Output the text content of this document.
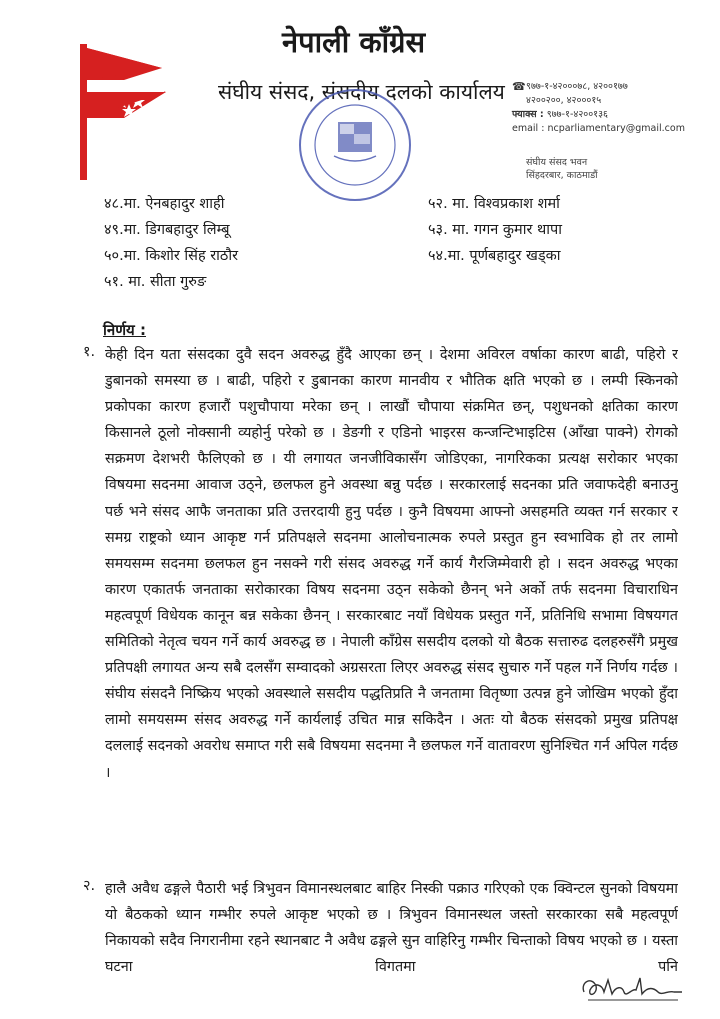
नेपाली काँग्रेस
संघीय संसद, संसदीय दलको कार्यालय ☎ ९७७-१-४२०००७८, ४२००१७७
४२००२००, ४२०००१५
फ्याक्स :
९७७-१-४२००१३६
email :
ncparliamentary@gmail.com
संघीय संसद भवन
सिंहदरबार, काठमाडौं
४८.मा. ऐनबहादुर शाही
४९.मा. डिगबहादुर लिम्बू
५०.मा. किशोर सिंह राठौर
५१. मा. सीता गुरुङ
५२. मा. विश्वप्रकाश शर्मा
५३. मा. गगन कुमार थापा
५४.मा. पूर्णबहादुर खड्का
निर्णय :
१. केही दिन यता संसदका दुवै सदन अवरुद्ध हुँदै आएका छन् । देशमा अविरल वर्षाका कारण बाढी, पहिरो र डुबानको समस्या छ । बाढी, पहिरो र डुबानका कारण मानवीय र भौतिक क्षति भएको छ । लम्पी स्किनको प्रकोपका कारण हजारौं पशुचौपाया मरेका छन् । लाखौं चौपाया संक्रमित छन्, पशुधनको क्षतिका कारण किसानले ठूलो नोक्सानी व्यहोर्नु परेको छ । डेङगी र एडिनो भाइरस कन्जन्टिभाइटिस (आँखा पाक्ने) रोगको सक्रमण देशभरी फैलिएको छ । यी लगायत जनजीविकासँग जोडिएका, नागरिकका प्रत्यक्ष सरोकार भएका विषयमा सदनमा आवाज उठ्ने, छलफल हुने अवस्था बन्नु पर्दछ । सरकारलाई सदनका प्रति जवाफदेही बनाउनु पर्छ भने संसद आफै जनताका प्रति उत्तरदायी हुनु पर्दछ । कुनै विषयमा आफ्नो असहमति व्यक्त गर्न सरकार र समग्र राष्ट्रको ध्यान आकृष्ट गर्न प्रतिपक्षले सदनमा आलोचनात्मक रुपले प्रस्तुत हुन स्वभाविक हो तर लामो समयसम्म सदनमा छलफल हुन नसक्ने गरी संसद अवरुद्ध गर्ने कार्य गैरजिम्मेवारी हो । सदन अवरुद्ध भएका कारण एकातर्फ जनताका सरोकारका विषय सदनमा उठ्न सकेको छैनन् भने अर्को तर्फ सदनमा विचाराधिन महत्वपूर्ण विधेयक कानून बन्न सकेका छैनन् । सरकारबाट नयाँ विधेयक प्रस्तुत गर्ने, प्रतिनिधि सभामा विषयगत समितिको नेतृत्व चयन गर्ने कार्य अवरुद्ध छ । नेपाली काँग्रेस ससदीय दलको यो बैठक सत्तारुढ दलहरुसँगै प्रमुख प्रतिपक्षी लगायत अन्य सबै दलसँग सम्वादको अग्रसरता लिएर अवरुद्ध संसद सुचारु गर्ने पहल गर्ने निर्णय गर्दछ । संघीय संसदनै निष्क्रिय भएको अवस्थाले ससदीय पद्धतिप्रति नै जनतामा वितृष्णा उत्पन्न हुने जोखिम भएको हुँदा लामो समयसम्म संसद अवरुद्ध गर्ने कार्यलाई उचित मान्न सकिदैन । अतः यो बैठक संसदको प्रमुख प्रतिपक्ष दललाई सदनको अवरोध समाप्त गरी सबै विषयमा सदनमा नै छलफल गर्ने वातावरण सुनिश्चित गर्न अपिल गर्दछ ।
२. हालै अवैध ढङ्गले पैठारी भई त्रिभुवन विमानस्थलबाट बाहिर निस्की पक्राउ गरिएको एक क्विन्टल सुनको विषयमा यो बैठकको ध्यान गम्भीर रुपले आकृष्ट भएको छ । त्रिभुवन विमानस्थल जस्तो सरकारका सबै महत्वपूर्ण निकायको सदैव निगरानीमा रहने स्थानबाट नै अवैध ढङ्गले सुन वाहिरिनु गम्भीर चिन्ताको विषय भएको छ । यस्ता घटना विगतमा पनि
